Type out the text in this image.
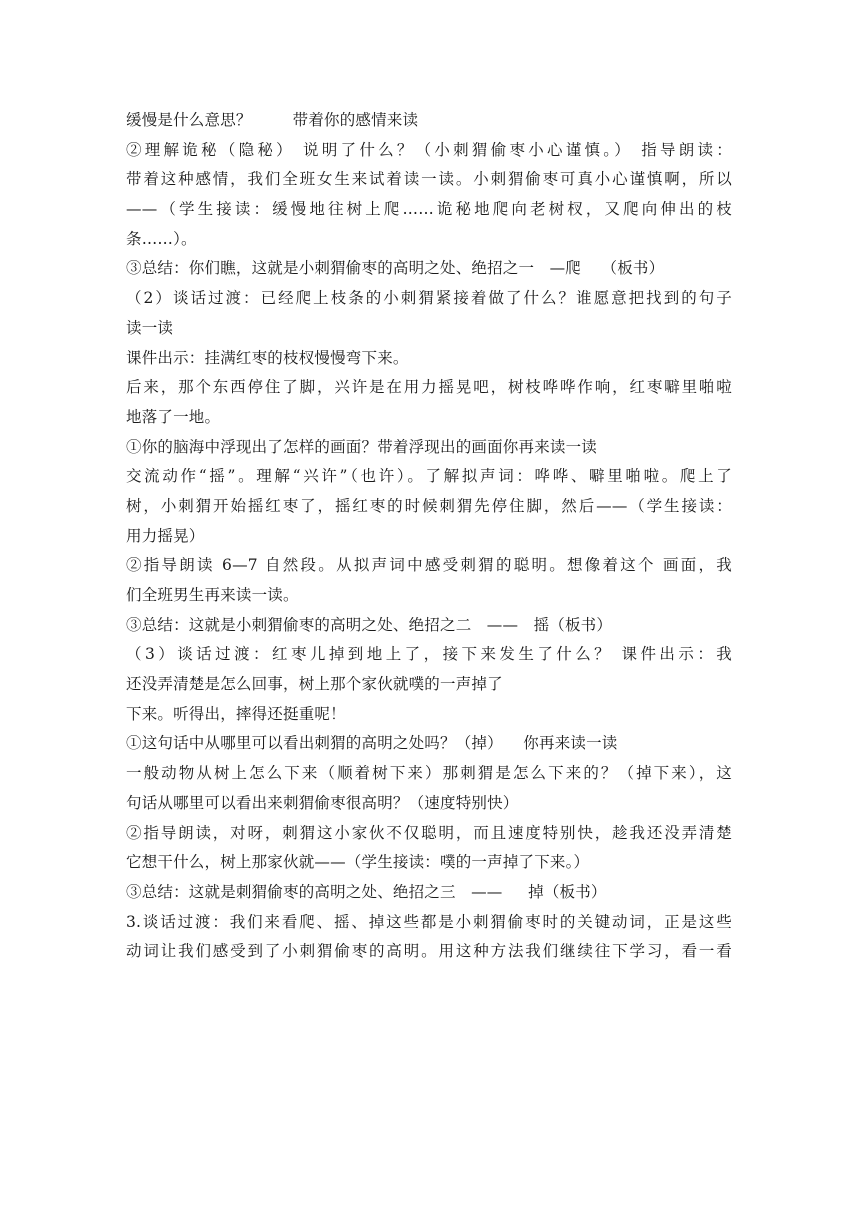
缓慢是什么意思？        带着你的感情来读
②理解诡秘（隐秘） 说明了什么？（小刺猬偷枣小心谨慎。） 指导朗读：
带着这种感情，我们全班女生来试着读一读。小刺猬偷枣可真小心谨慎啊，所以
——（学生接读：缓慢地往树上爬……诡秘地爬向老树杈，又爬向伸出的枝
条……）。
③总结：你们瞧，这就是小刺猬偷枣的高明之处、绝招之一   —爬    （板书）
（2）谈话过渡：已经爬上枝条的小刺猬紧接着做了什么？谁愿意把找到的句子
读一读
课件出示：挂满红枣的枝杈慢慢弯下来。
后来，那个东西停住了脚，兴许是在用力摇晃吧，树枝哗哗作响，红枣噼里啪啦
地落了一地。
①你的脑海中浮现出了怎样的画面？带着浮现出的画面你再来读一读
交流动作“摇”。理解“兴许”（也许）。了解拟声词：哗哗、噼里啪啦。爬上了
树，小刺猬开始摇红枣了，摇红枣的时候刺猬先停住脚，然后——（学生接读：
用力摇晃）
②指导朗读 6—7 自然段。从拟声词中感受刺猬的聪明。想像着这个 画面，我
们全班男生再来读一读。
③总结：这就是小刺猬偷枣的高明之处、绝招之二   ——   摇（板书）
（3）谈话过渡：红枣儿掉到地上了，接下来发生了什么？ 课件出示：我
还没弄清楚是怎么回事，树上那个家伙就噗的一声掉了
下来。听得出，摔得还挺重呢！
①这句话中从哪里可以看出刺猬的高明之处吗？（掉）    你再来读一读
一般动物从树上怎么下来（顺着树下来）那刺猬是怎么下来的？（掉下来），这
句话从哪里可以看出来刺猬偷枣很高明？（速度特别快）
②指导朗读，对呀，刺猬这小家伙不仅聪明，而且速度特别快，趁我还没弄清楚
它想干什么，树上那家伙就——（学生接读：噗的一声掉了下来。）
③总结：这就是刺猬偷枣的高明之处、绝招之三   ——     掉（板书）
3.谈话过渡：我们来看爬、摇、掉这些都是小刺猬偷枣时的关键动词，正是这些
动词让我们感受到了小刺猬偷枣的高明。用这种方法我们继续往下学习，看一看
